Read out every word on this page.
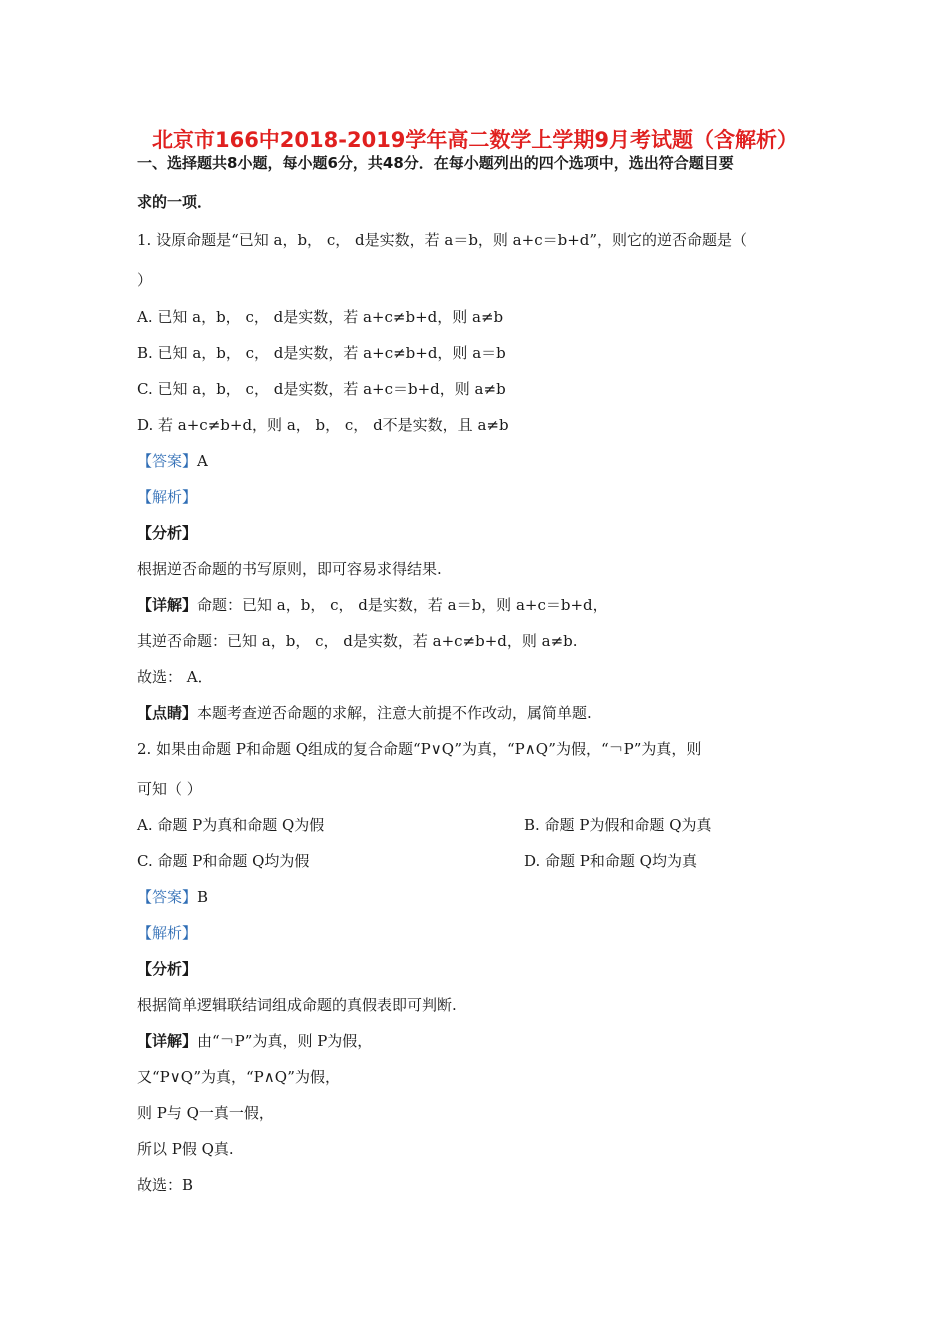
北京市166中2018-2019学年高二数学上学期9月考试题（含解析）
一、选择题共8小题，每小题6分，共48分．在每小题列出的四个选项中，选出符合题目要
求的一项．
1. 设原命题是“已知 a，b， c， d是实数，若 a＝b，则 a+c＝b+d”，则它的逆否命题是（
）
A. 已知 a，b， c， d是实数，若 a+c≠b+d，则 a≠b
B. 已知 a，b， c， d是实数，若 a+c≠b+d，则 a＝b
C. 已知 a，b， c， d是实数，若 a+c＝b+d，则 a≠b
D. 若 a+c≠b+d，则 a， b， c， d不是实数，且 a≠b
【答案】A
【解析】
【分析】
根据逆否命题的书写原则，即可容易求得结果.
【详解】命题：已知 a，b， c， d是实数，若 a＝b，则 a+c＝b+d，
其逆否命题：已知 a，b， c， d是实数，若 a+c≠b+d，则 a≠b.
故选： A．
【点睛】本题考查逆否命题的求解，注意大前提不作改动，属简单题.
2. 如果由命题 P和命题 Q组成的复合命题“P∨Q”为真，“P∧Q”为假，“￢P”为真，则
可知（ ）
A. 命题 P为真和命题 Q为假	B. 命题 P为假和命题 Q为真
C. 命题 P和命题 Q均为假	D. 命题 P和命题 Q均为真
【答案】B
【解析】
【分析】
根据简单逻辑联结词组成命题的真假表即可判断.
【详解】由“￢P”为真，则 P为假，
又“P∨Q”为真，“P∧Q”为假，
则 P与 Q一真一假，
所以 P假 Q真.
故选：B
